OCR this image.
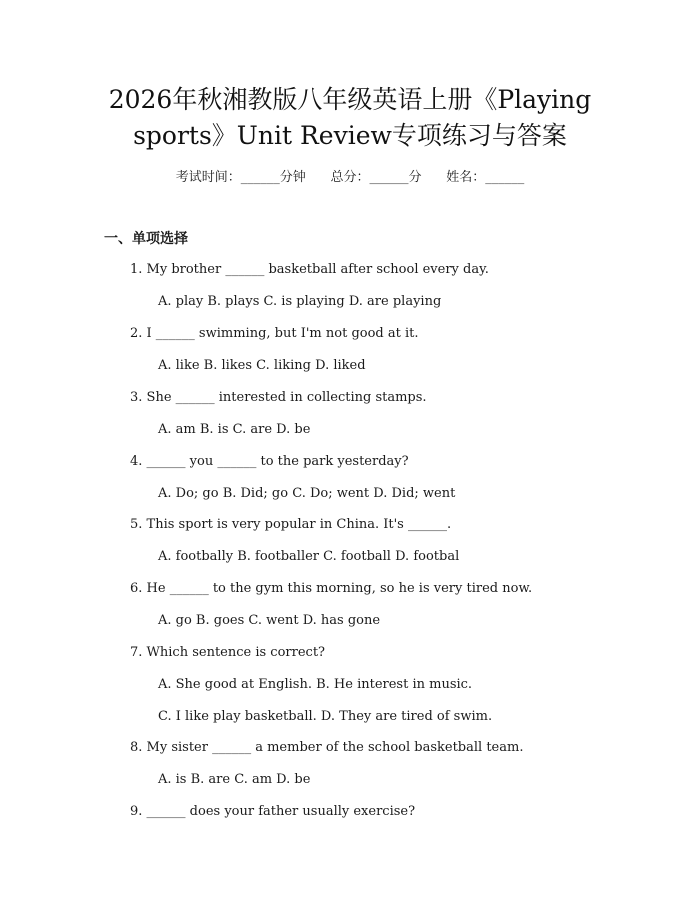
2026年秋湘教版八年级英语上册《Playing
sports》Unit Review专项练习与答案
考试时间：______分钟      总分：______分      姓名：______
一、单项选择
1. My brother ______ basketball after school every day.
A. play B. plays C. is playing D. are playing
2. I ______ swimming, but I'm not good at it.
A. like B. likes C. liking D. liked
3. She ______ interested in collecting stamps.
A. am B. is C. are D. be
4. ______ you ______ to the park yesterday?
A. Do; go B. Did; go C. Do; went D. Did; went
5. This sport is very popular in China. It's ______.
A. footbally B. footballer C. football D. footbal
6. He ______ to the gym this morning, so he is very tired now.
A. go B. goes C. went D. has gone
7. Which sentence is correct?
A. She good at English. B. He interest in music.
C. I like play basketball. D. They are tired of swim.
8. My sister ______ a member of the school basketball team.
A. is B. are C. am D. be
9. ______ does your father usually exercise?
